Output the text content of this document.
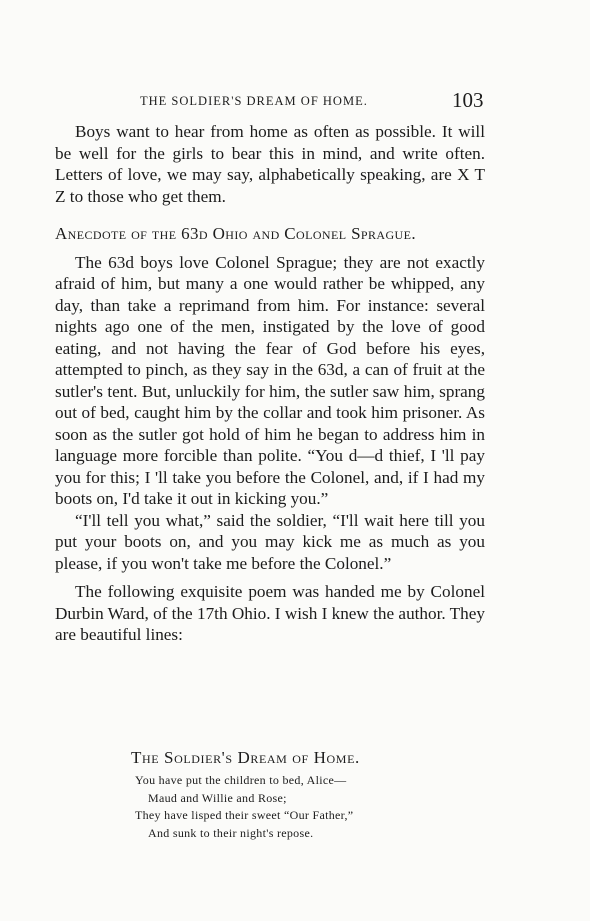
THE SOLDIER'S DREAM OF HOME.	103

Boys want to hear from home as often as possible. It will be well for the girls to bear this in mind, and write often. Letters of love, we may say, alphabetically speaking, are X T Z to those who get them.

Anecdote of the 63d Ohio and Colonel Sprague.

The 63d boys love Colonel Sprague; they are not exactly afraid of him, but many a one would rather be whipped, any day, than take a reprimand from him. For instance: several nights ago one of the men, instigated by the love of good eating, and not having the fear of God before his eyes, attempted to pinch, as they say in the 63d, a can of fruit at the sutler's tent. But, unluckily for him, the sutler saw him, sprang out of bed, caught him by the collar and took him prisoner. As soon as the sutler got hold of him he began to address him in language more forcible than polite. “You d—d thief, I 'll pay you for this; I 'll take you before the Colonel, and, if I had my boots on, I'd take it out in kicking you.”

“I'll tell you what,” said the soldier, “I'll wait here till you put your boots on, and you may kick me as much as you please, if you won't take me before the Colonel.”

The following exquisite poem was handed me by Colonel Durbin Ward, of the 17th Ohio. I wish I knew the author. They are beautiful lines:

The Soldier's Dream of Home.
You have put the children to bed, Alice—
Maud and Willie and Rose;
They have lisped their sweet “Our Father,”
And sunk to their night's repose.
